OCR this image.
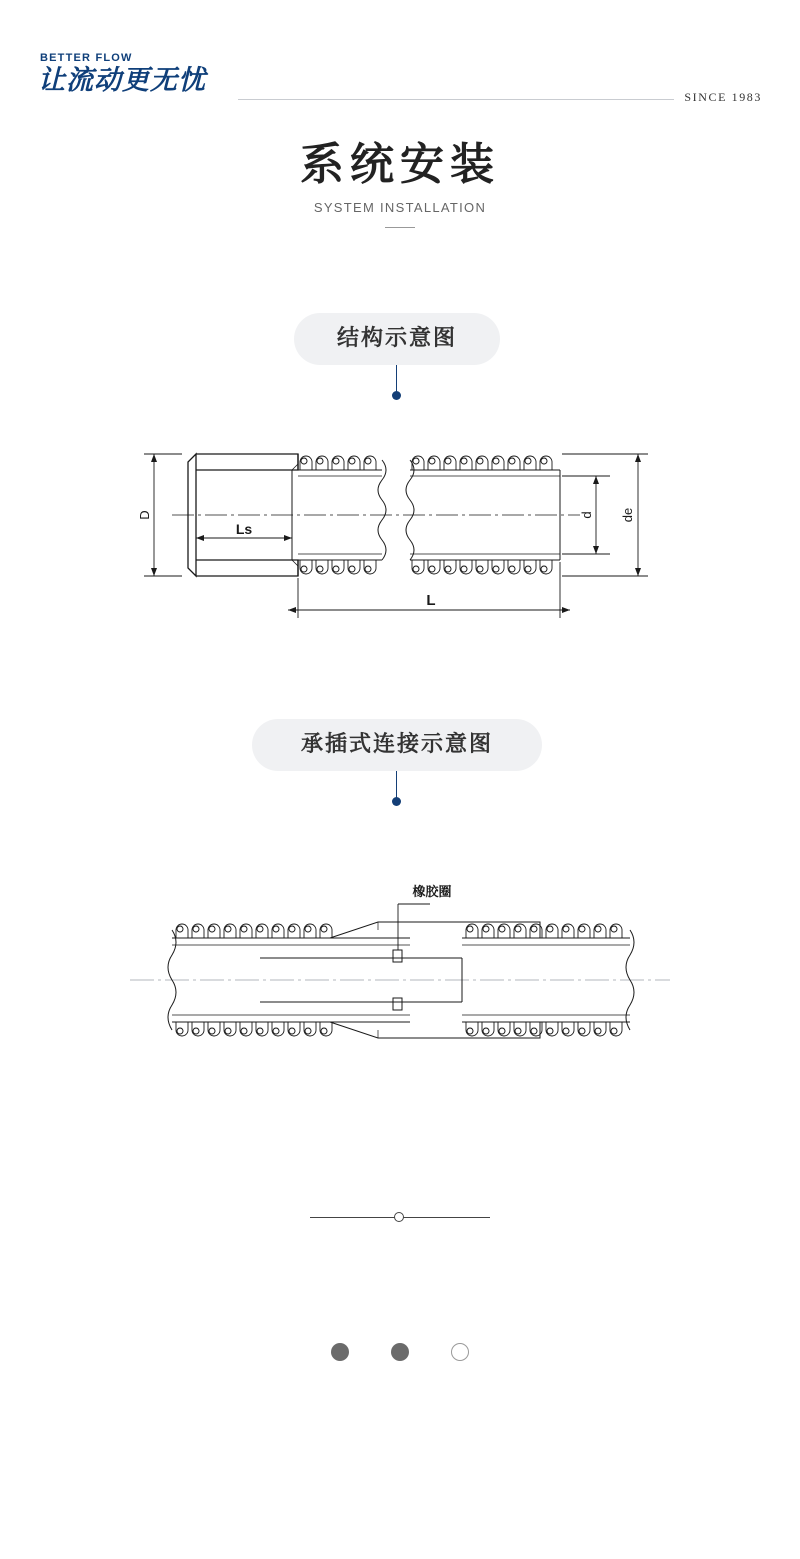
BETTER FLOW
让流动更无忧
SINCE 1983
系统安装
SYSTEM INSTALLATION
结构示意图
D
Ls
d de
L
承插式连接示意图
橡胶圈
